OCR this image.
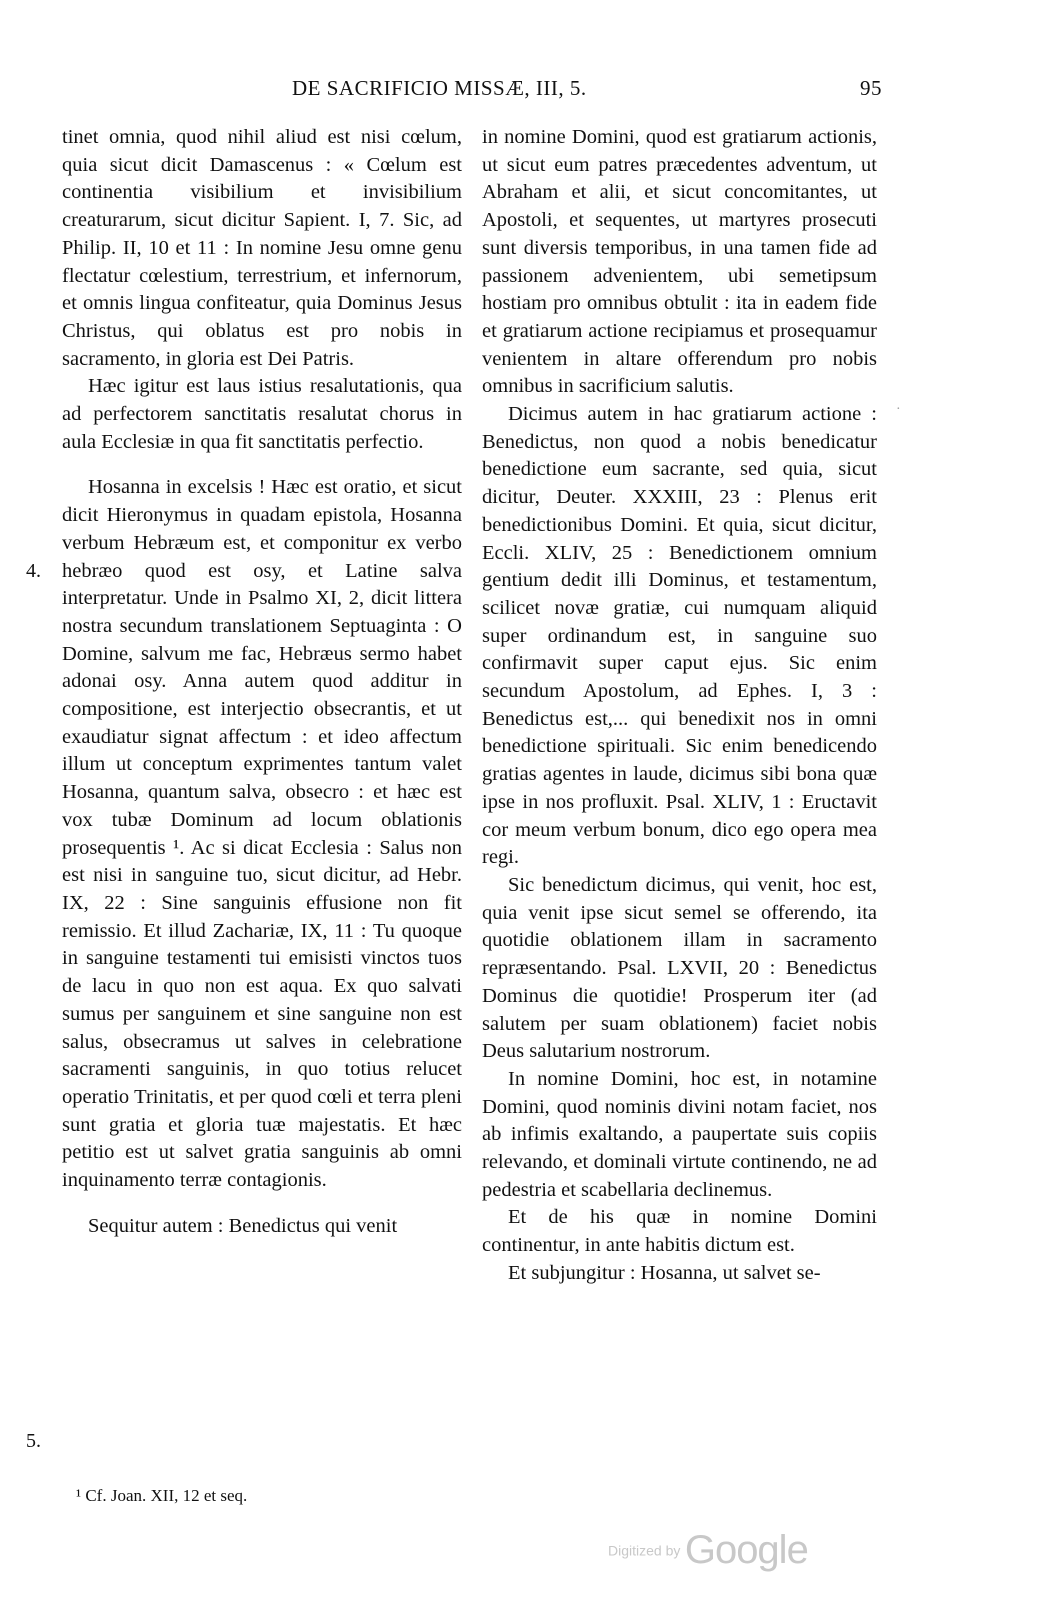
DE SACRIFICIO MISSÆ, III, 5.	95

tinet omnia, quod nihil aliud est nisi cœlum, quia sicut dicit Damascenus : « Cœlum est continentia visibilium et invisibilium creaturarum, sicut dicitur Sapient. I, 7. Sic, ad Philip. II, 10 et 11 : In nomine Jesu omne genu flectatur cœlestium, terrestrium, et infernorum, et omnis lingua confiteatur, quia Dominus Jesus Christus, qui oblatus est pro nobis in sacramento, in gloria est Dei Patris.

Hæc igitur est laus istius resalutationis, qua ad perfectorem sanctitatis resalutat chorus in aula Ecclesiæ in qua fit sanctitatis perfectio.

Hosanna in excelsis ! Hæc est oratio, et sicut dicit Hieronymus in quadam epistola, Hosanna verbum Hebræum est, et componitur ex verbo hebræo quod est osy, et Latine salva interpretatur. Unde in Psalmo XI, 2, dicit littera nostra secundum translationem Septuaginta : O Domine, salvum me fac, Hebræus sermo habet adonai osy. Anna autem quod additur in compositione, est interjectio obsecrantis, et ut exaudiatur signat affectum : et ideo affectum illum ut conceptum exprimentes tantum valet Hosanna, quantum salva, obsecro : et hæc est vox tubæ Dominum ad locum oblationis prosequentis ¹. Ac si dicat Ecclesia : Salus non est nisi in sanguine tuo, sicut dicitur, ad Hebr. IX, 22 : Sine sanguinis effusione non fit remissio. Et illud Zachariæ, IX, 11 : Tu quoque in sanguine testamenti tui emisisti vinctos tuos de lacu in quo non est aqua. Ex quo salvati sumus per sanguinem et sine sanguine non est salus, obsecramus ut salves in celebratione sacramenti sanguinis, in quo totius relucet operatio Trinitatis, et per quod cœli et terra pleni sunt gratia et gloria tuæ majestatis. Et hæc petitio est ut salvet gratia sanguinis ab omni inquinamento terræ contagionis.

Sequitur autem : Benedictus qui venit

4.
5.

in nomine Domini, quod est gratiarum actionis, ut sicut eum patres præcedentes adventum, ut Abraham et alii, et sicut concomitantes, ut Apostoli, et sequentes, ut martyres prosecuti sunt diversis temporibus, in una tamen fide ad passionem advenientem, ubi semetipsum hostiam pro omnibus obtulit : ita in eadem fide et gratiarum actione recipiamus et prosequamur venientem in altare offerendum pro nobis omnibus in sacrificium salutis.

Dicimus autem in hac gratiarum actione : Benedictus, non quod a nobis benedicatur benedictione eum sacrante, sed quia, sicut dicitur, Deuter. XXXIII, 23 : Plenus erit benedictionibus Domini. Et quia, sicut dicitur, Eccli. XLIV, 25 : Benedictionem omnium gentium dedit illi Dominus, et testamentum, scilicet novæ gratiæ, cui numquam aliquid super ordinandum est, in sanguine suo confirmavit super caput ejus. Sic enim secundum Apostolum, ad Ephes. I, 3 : Benedictus est,... qui benedixit nos in omni benedictione spirituali. Sic enim benedicendo gratias agentes in laude, dicimus sibi bona quæ ipse in nos profluxit. Psal. XLIV, 1 : Eructavit cor meum verbum bonum, dico ego opera mea regi.

Sic benedictum dicimus, qui venit, hoc est, quia venit ipse sicut semel se offerendo, ita quotidie oblationem illam in sacramento repræsentando. Psal. LXVII, 20 : Benedictus Dominus die quotidie! Prosperum iter (ad salutem per suam oblationem) faciet nobis Deus salutarium nostrorum.

In nomine Domini, hoc est, in notamine Domini, quod nominis divini notam faciet, nos ab infimis exaltando, a paupertate suis copiis relevando, et dominali virtute continendo, ne ad pedestria et scabellaria declinemus.

Et de his quæ in nomine Domini continentur, in ante habitis dictum est.

Et subjungitur : Hosanna, ut salvet se-

·
¹ Cf. Joan. XII, 12 et seq.
Digitized by Google
